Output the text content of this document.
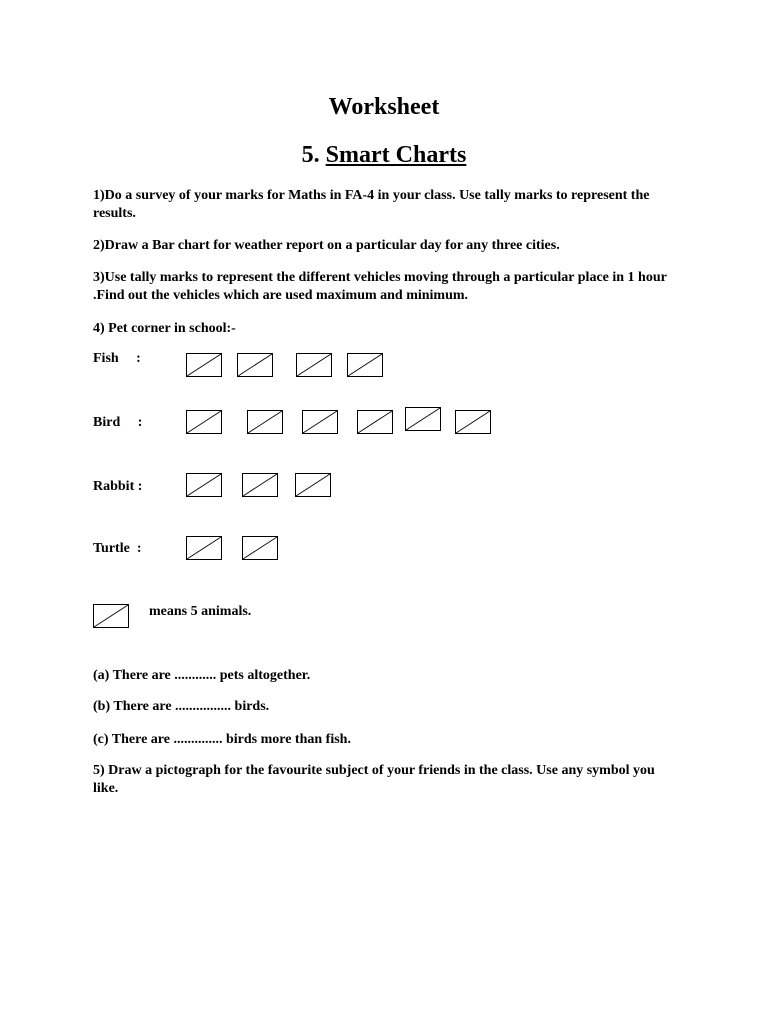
Worksheet
5. Smart Charts
1)Do a survey of your marks for Maths in FA-4 in your class. Use tally marks to represent the results.
2)Draw a Bar chart for weather report on a particular day for any three cities.
3)Use tally marks to represent the different vehicles moving through a particular place in 1 hour .Find out the vehicles which are used maximum and minimum.
4) Pet corner in school:-
Fish     :
Bird     :
Rabbit :
Turtle  :
means 5 animals.
(a) There are ............ pets altogether.
(b) There are ................ birds.
(c) There are .............. birds more than fish.
5) Draw a pictograph for the favourite subject of your friends in the class. Use any symbol you like.
